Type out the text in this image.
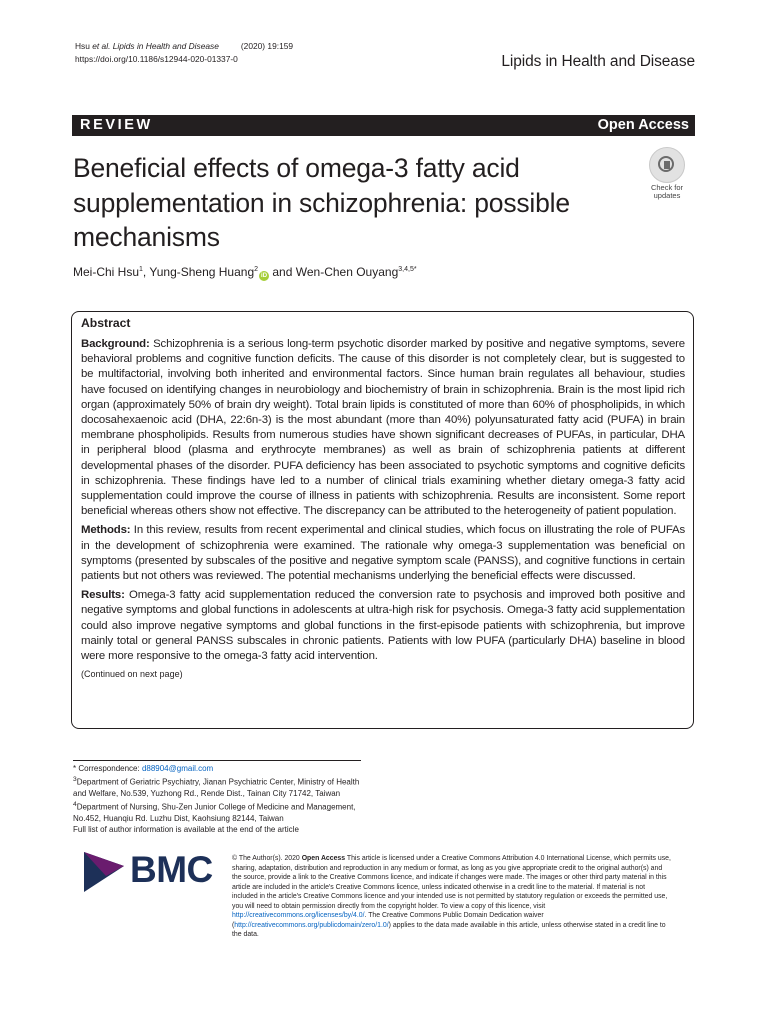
Hsu et al. Lipids in Health and Disease	(2020) 19:159
https://doi.org/10.1186/s12944-020-01337-0	Lipids in Health and Disease
REVIEW	Open Access
Beneficial effects of omega-3 fatty acid supplementation in schizophrenia: possible mechanisms
Check for updates
Mei-Chi Hsu$^1$, Yung-Sheng Huang$^2$iD and Wen-Chen Ouyang$^{3,4,5*}$
Abstract

Background: Schizophrenia is a serious long-term psychotic disorder marked by positive and negative symptoms, severe behavioral problems and cognitive function deficits. The cause of this disorder is not completely clear, but is suggested to be multifactorial, involving both inherited and environmental factors. Since human brain regulates all behaviour, studies have focused on identifying changes in neurobiology and biochemistry of brain in schizophrenia. Brain is the most lipid rich organ (approximately 50% of brain dry weight). Total brain lipids is constituted of more than 60% of phospholipids, in which docosahexaenoic acid (DHA, 22:6n-3) is the most abundant (more than 40%) polyunsaturated fatty acid (PUFA) in brain membrane phospholipids. Results from numerous studies have shown significant decreases of PUFAs, in particular, DHA in peripheral blood (plasma and erythrocyte membranes) as well as brain of schizophrenia patients at different developmental phases of the disorder. PUFA deficiency has been associated to psychotic symptoms and cognitive deficits in schizophrenia. These findings have led to a number of clinical trials examining whether dietary omega-3 fatty acid supplementation could improve the course of illness in patients with schizophrenia. Results are inconsistent. Some report beneficial whereas others show not effective. The discrepancy can be attributed to the heterogeneity of patient population.

Methods: In this review, results from recent experimental and clinical studies, which focus on illustrating the role of PUFAs in the development of schizophrenia were examined. The rationale why omega-3 supplementation was beneficial on symptoms (presented by subscales of the positive and negative symptom scale (PANSS), and cognitive functions in certain patients but not others was reviewed. The potential mechanisms underlying the beneficial effects were discussed.

Results: Omega-3 fatty acid supplementation reduced the conversion rate to psychosis and improved both positive and negative symptoms and global functions in adolescents at ultra-high risk for psychosis. Omega-3 fatty acid supplementation could also improve negative symptoms and global functions in the first-episode patients with schizophrenia, but improve mainly total or general PANSS subscales in chronic patients. Patients with low PUFA (particularly DHA) baseline in blood were more responsive to the omega-3 fatty acid intervention.

(Continued on next page)
* Correspondence: d88904@gmail.com
$^3$Department of Geriatric Psychiatry, Jianan Psychiatric Center, Ministry of Health and Welfare, No.539, Yuzhong Rd., Rende Dist., Tainan City 71742, Taiwan
$^4$Department of Nursing, Shu-Zen Junior College of Medicine and Management, No.452, Huanqiu Rd. Luzhu Dist, Kaohsiung 82144, Taiwan
Full list of author information is available at the end of the article
BMC	© The Author(s). 2020 Open Access This article is licensed under a Creative Commons Attribution 4.0 International License, which permits use, sharing, adaptation, distribution and reproduction in any medium or format, as long as you give appropriate credit to the original author(s) and the source, provide a link to the Creative Commons licence, and indicate if changes were made. The images or other third party material in this article are included in the article's Creative Commons licence, unless indicated otherwise in a credit line to the material. If material is not included in the article's Creative Commons licence and your intended use is not permitted by statutory regulation or exceeds the permitted use, you will need to obtain permission directly from the copyright holder. To view a copy of this licence, visit http://creativecommons.org/licenses/by/4.0/. The Creative Commons Public Domain Dedication waiver (http://creativecommons.org/publicdomain/zero/1.0/) applies to the data made available in this article, unless otherwise stated in a credit line to the data.
